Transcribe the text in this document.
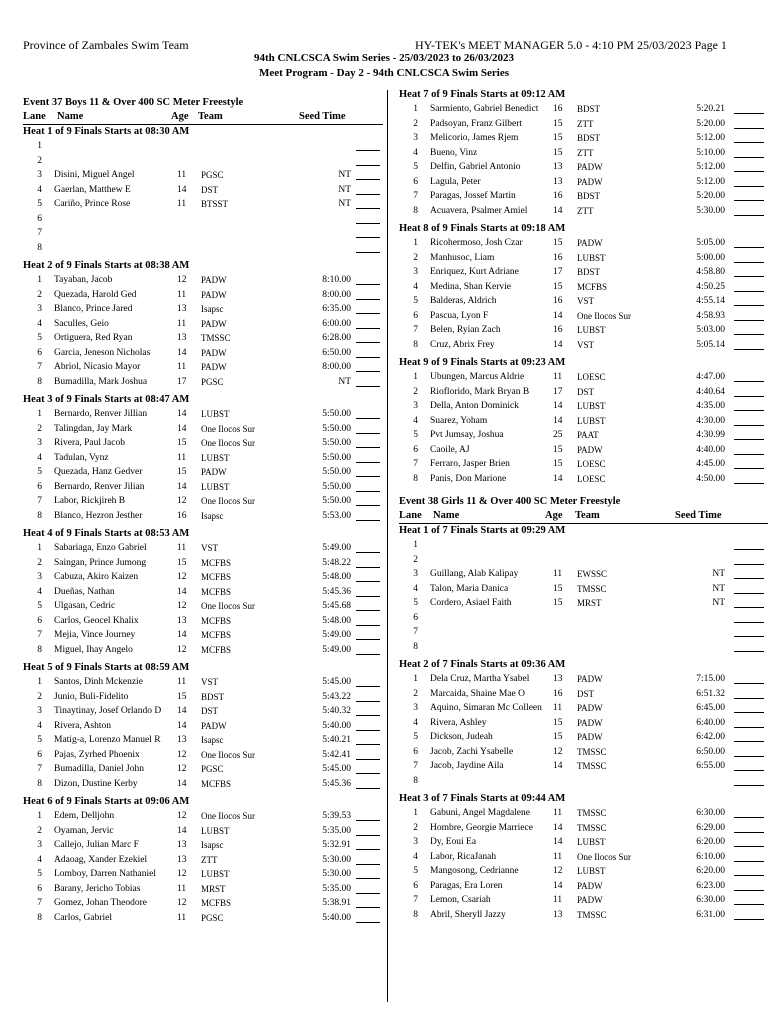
Province of Zambales Swim Team	HY-TEK's MEET MANAGER 5.0 - 4:10 PM 25/03/2023 Page 1
94th CNLCSCA Swim Series - 25/03/2023 to 26/03/2023
Meet Program - Day 2 - 94th CNLCSCA Swim Series
Event 37 Boys 11 & Over 400 SC Meter Freestyle
Lane Name	Age Team	Seed Time
Heat 1 of 9 Finals Starts at 08:30 AM
1
2
3 Disini, Miguel Angel	11 PGSC	NT
4 Gaerlan, Matthew E	14 DST	NT
5 Cariño, Prince Rose	11 BTSST	NT
6
7
8
Heat 2 of 9 Finals Starts at 08:38 AM
1 Tayaban, Jacob	12 PADW	8:10.00
2 Quezada, Harold Ged	11 PADW	8:00.00
3 Blanco, Prince Jared	13 Isapsc	6:35.00
4 Saculles, Geio	11 PADW	6:00.00
5 Ortiguera, Red Ryan	13 TMSSC	6:28.00
6 Garcia, Jeneson Nicholas	14 PADW	6:50.00
7 Abriol, Nicasio Mayor	11 PADW	8:00.00
8 Bumadilla, Mark Joshua	17 PGSC	NT
Heat 3 of 9 Finals Starts at 08:47 AM
1 Bernardo, Renver Jillian	14 LUBST	5:50.00
2 Talingdan, Jay Mark	14 One Ilocos Sur	5:50.00
3 Rivera, Paul Jacob	15 One Ilocos Sur	5:50.00
4 Tadulan, Vynz	11 LUBST	5:50.00
5 Quezada, Hanz Gedver	15 PADW	5:50.00
6 Bernardo, Renver Jilian	14 LUBST	5:50.00
7 Labor, Rickjireh B	12 One Ilocos Sur	5:50.00
8 Blanco, Hezron Jesther	16 Isapsc	5:53.00
Heat 4 of 9 Finals Starts at 08:53 AM
1 Sabariaga, Enzo Gabriel	11 VST	5:49.00
2 Saingan, Prince Jumong	15 MCFBS	5:48.22
3 Cabuza, Akiro Kaizen	12 MCFBS	5:48.00
4 Dueñas, Nathan	14 MCFBS	5:45.36
5 Ulgasan, Cedric	12 One Ilocos Sur	5:45.68
6 Carlos, Geocel Khalix	13 MCFBS	5:48.00
7 Mejia, Vince Journey	14 MCFBS	5:49.00
8 Miguel, Ihay Angelo	12 MCFBS	5:49.00
Heat 5 of 9 Finals Starts at 08:59 AM
1 Santos, Dinh Mckenzie	11 VST	5:45.00
2 Junio, Buli-Fidelito	15 BDST	5:43.22
3 Tinaytinay, Josef Orlando D	14 DST	5:40.32
4 Rivera, Ashton	14 PADW	5:40.00
5 Matig-a, Lorenzo Manuel R	13 Isapsc	5:40.21
6 Pajas, Zyrhed Phoenix	12 One Ilocos Sur	5:42.41
7 Bumadilla, Daniel John	12 PGSC	5:45.00
8 Dizon, Dustine Kerby	14 MCFBS	5:45.36
Heat 6 of 9 Finals Starts at 09:06 AM
1 Edem, Delljohn	12 One Ilocos Sur	5:39.53
2 Oyaman, Jervic	14 LUBST	5:35.00
3 Callejo, Julian Marc F	13 Isapsc	5:32.91
4 Adaoag, Xander Ezekiel	13 ZTT	5:30.00
5 Lomboy, Darren Nathaniel	12 LUBST	5:30.00
6 Barany, Jericho Tobias	11 MRST	5:35.00
7 Gomez, Johan Theodore	12 MCFBS	5:38.91
8 Carlos, Gabriel	11 PGSC	5:40.00
Heat 7 of 9 Finals Starts at 09:12 AM
1 Sarmiento, Gabriel Benedict	16 BDST	5:20.21
2 Padsoyan, Franz Gilbert	15 ZTT	5:20.00
3 Melicorio, James Rjem	15 BDST	5:12.00
4 Bueno, Vinz	15 ZTT	5:10.00
5 Delfin, Gabriel Antonio	13 PADW	5:12.00
6 Lagula, Peter	13 PADW	5:12.00
7 Paragas, Jossef Martin	16 BDST	5:20.00
8 Acuavera, Psalmer Amiel	14 ZTT	5:30.00
Heat 8 of 9 Finals Starts at 09:18 AM
1 Ricohermoso, Josh Czar	15 PADW	5:05.00
2 Manhusoc, Liam	16 LUBST	5:00.00
3 Enriquez, Kurt Adriane	17 BDST	4:58.80
4 Medina, Shan Kervie	15 MCFBS	4:50.25
5 Balderas, Aldrich	16 VST	4:55.14
6 Pascua, Lyon F	14 One Ilocos Sur	4:58.93
7 Belen, Ryian Zach	16 LUBST	5:03.00
8 Cruz, Abrix Frey	14 VST	5:05.14
Heat 9 of 9 Finals Starts at 09:23 AM
1 Ubungen, Marcus Aldrie	11 LOESC	4:47.00
2 Rioflorido, Mark Bryan B	17 DST	4:40.64
3 Della, Anton Dominick	14 LUBST	4:35.00
4 Suarez, Yoham	14 LUBST	4:30.00
5 Pvt Jumsay, Joshua	25 PAAT	4:30.99
6 Caoile, AJ	15 PADW	4:40.00
7 Ferraro, Jasper Brien	15 LOESC	4:45.00
8 Panis, Don Marione	14 LOESC	4:50.00
Event 38 Girls 11 & Over 400 SC Meter Freestyle
Lane Name	Age Team	Seed Time
Heat 1 of 7 Finals Starts at 09:29 AM
1
2
3 Guillang, Alab Kalipay	11 EWSSC	NT
4 Talon, Maria Danica	15 TMSSC	NT
5 Cordero, Asiael Faith	15 MRST	NT
6
7
8
Heat 2 of 7 Finals Starts at 09:36 AM
1 Dela Cruz, Martha Ysabel	13 PADW	7:15.00
2 Marcaida, Shaine Mae O	16 DST	6:51.32
3 Aquino, Simaran Mc Colleen	11 PADW	6:45.00
4 Rivera, Ashley	15 PADW	6:40.00
5 Dickson, Judeah	15 PADW	6:42.00
6 Jacob, Zachi Ysabelle	12 TMSSC	6:50.00
7 Jacob, Jaydine Aila	14 TMSSC	6:55.00
8
Heat 3 of 7 Finals Starts at 09:44 AM
1 Gabuni, Angel Magdalene	11 TMSSC	6:30.00
2 Hombre, Georgie Marriece	14 TMSSC	6:29.00
3 Dy, Eoui Ea	14 LUBST	6:20.00
4 Labor, RicaJanah	11 One Ilocos Sur	6:10.00
5 Mangosong, Cedrianne	12 LUBST	6:20.00
6 Paragas, Era Loren	14 PADW	6:23.00
7 Lemon, Csariah	11 PADW	6:30.00
8 Abril, Sheryll Jazzy	13 TMSSC	6:31.00
